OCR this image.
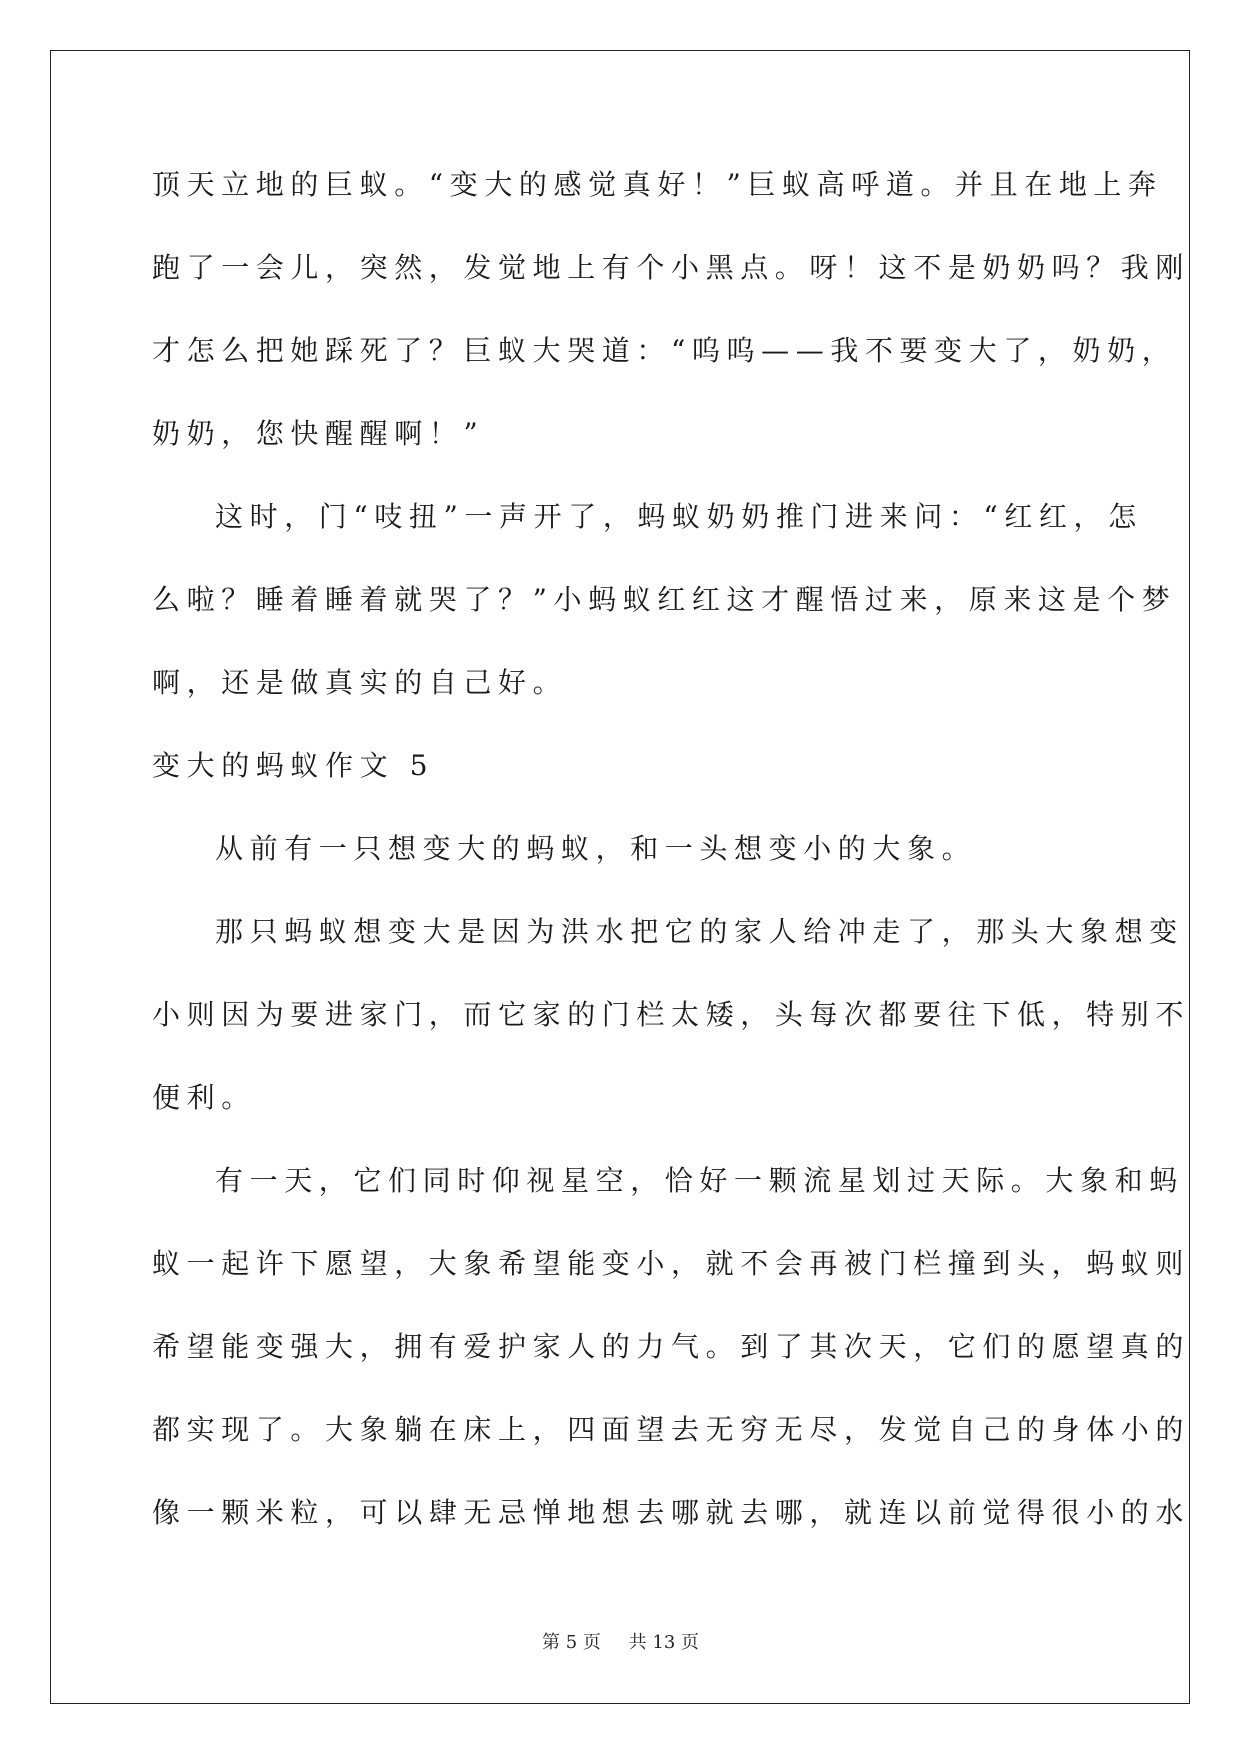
顶天立地的巨蚁。“变大的感觉真好！”巨蚁高呼道。并且在地上奔
跑了一会儿，突然，发觉地上有个小黑点。呀！这不是奶奶吗？我刚
才怎么把她踩死了？巨蚁大哭道：“呜呜——我不要变大了，奶奶，
奶奶，您快醒醒啊！”
这时，门“吱扭”一声开了，蚂蚁奶奶推门进来问：“红红，怎
么啦？睡着睡着就哭了？”小蚂蚁红红这才醒悟过来，原来这是个梦
啊，还是做真实的自己好。
变大的蚂蚁作文 5
从前有一只想变大的蚂蚁，和一头想变小的大象。
那只蚂蚁想变大是因为洪水把它的家人给冲走了，那头大象想变
小则因为要进家门，而它家的门栏太矮，头每次都要往下低，特别不
便利。
有一天，它们同时仰视星空，恰好一颗流星划过天际。大象和蚂
蚁一起许下愿望，大象希望能变小，就不会再被门栏撞到头，蚂蚁则
希望能变强大，拥有爱护家人的力气。到了其次天，它们的愿望真的
都实现了。大象躺在床上，四面望去无穷无尽，发觉自己的身体小的
像一颗米粒，可以肆无忌惮地想去哪就去哪，就连以前觉得很小的水
第 5 页 共 13 页
